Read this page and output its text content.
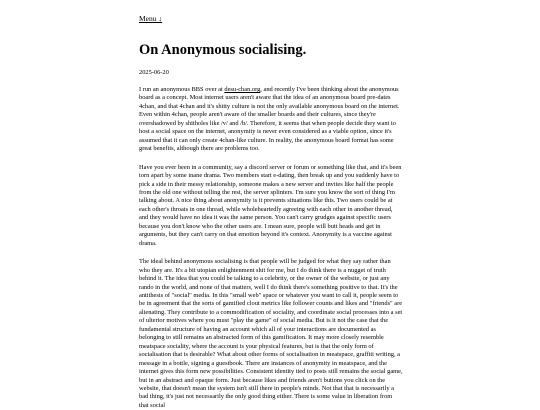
Menu ↓
On Anonymous socialising.
2025-06-20

I run an anonymous BBS over at desu-chan.org, and recently I've been thinking about the anonymous board as a concept. Most internet users aren't aware that the idea of an anonymous board pre-dates 4chan, and that 4chan and it's shitty culture is not the only available anonymous board on the internet. Even within 4chan, people aren't aware of the smaller boards and their cultures, since they're overshadowed by shitholes like /v/ and /b/. Therefore, it seems that when people decide they want to host a social space on the internet, anonymity is never even considered as a viable option, since it's assumed that it can only create 4chan-like culture. In reality, the anonymous board format has some great benefits, although there are problems too.

Have you ever been in a community, say a discord server or forum or something like that, and it's been torn apart by some inane drama. Two members start e-dating, then break up and you suddenly have to pick a side in their messy relationship, someone makes a new server and invites like half the people from the old one without telling the rest, the server splinters. I'm sure you know the sort of thing I'm talking about. A nice thing about anonymity is it prevents situations like this. Two users could be at each other's throats in one thread, while wholeheartedly agreeing with each other in another thread, and they would have no idea it was the same person. You can't carry grudges against specific users because you don't know who the other users are. I mean sure, people will butt heads and get in arguments, but they can't carry on that emotion beyond it's context. Anonymity is a vaccine against drama.

The ideal behind anonymous socialising is that people will be judged for what they say rather than who they are. It's a bit utopian enlightenment shit for me, but I do think there is a nugget of truth behind it. The idea that you could be talking to a celebrity, or the owner of the website, or just any rando in the world, and none of that matters, well I do think there's something positive to that. It's the antithesis of "social" media. In this "small web" space or whatever you want to call it, people seem to be in agreement that the sorts of gamified clout metrics like follower counts and likes and "friends" are alienating. They contribute to a commodification of sociality, and coordinate social processes into a set of ulterior motives where you must "play the game" of social media. But is it not the case that the fundamental structure of having an account which all of your interactions are documented as belonging to still remains an abstracted form of this gamification. It may more closely resemble meatspace sociality, where the account is your physical features, but is that the only form of socialisation that is desirable? What about other forms of socialisation in meatspace, graffiti writing, a message in a bottle, signing a guestbook. There are instances of anonymity in meatspace, and the internet gives this form new possibilities. Consistent identity tied to posts still remains the social game, but in an abstract and opaque form. Just because likes and friends aren't buttons you click on the website, that doesn't mean the system isn't still there in people's minds. Not that that is necessarily a bad thing, it's just not necessarily the only good thing either. There is some value in liberation from that social
